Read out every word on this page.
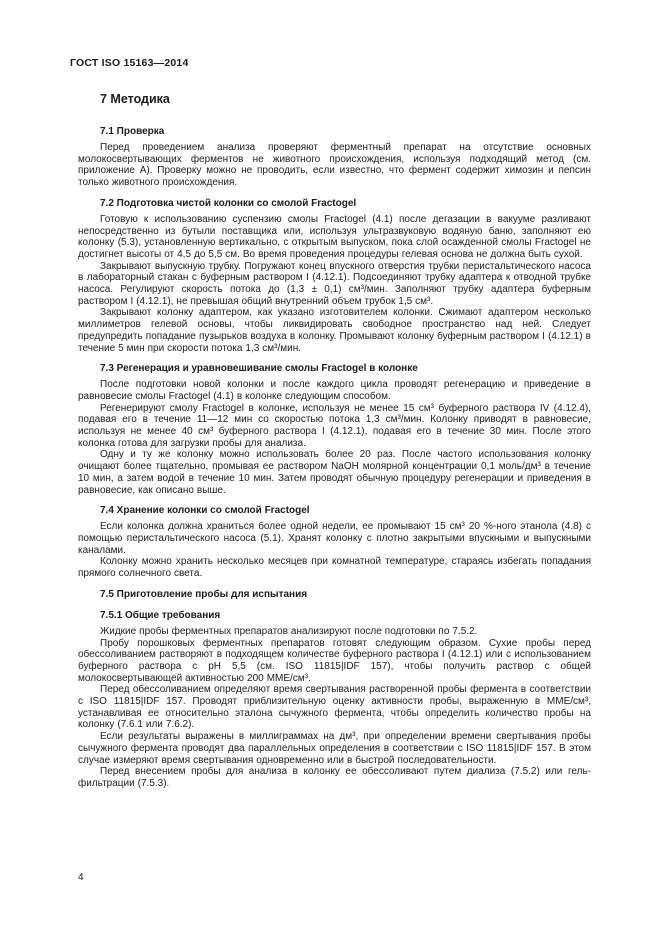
ГОСТ ISO 15163—2014
7 Методика
7.1 Проверка

Перед проведением анализа проверяют ферментный препарат на отсутствие основных молокосвертывающих ферментов не животного происхождения, используя подходящий метод (см. приложение А). Проверку можно не проводить, если известно, что фермент содержит химозин и пепсин только животного происхождения.

7.2 Подготовка чистой колонки со смолой Fractogel

Готовую к использованию суспензию смолы Fractogel (4.1) после дегазации в вакууме разливают непосредственно из бутыли поставщика или, используя ультразвуковую водяную баню, заполняют ею колонку (5.3), установленную вертикально, с открытым выпуском, пока слой осажденной смолы Fractogel не достигнет высоты от 4,5 до 5,5 см. Во время проведения процедуры гелевая основа не должна быть сухой.

Закрывают выпускную трубку. Погружают конец впускного отверстия трубки перистальтического насоса в лабораторный стакан с буферным раствором I (4.12.1). Подсоединяют трубку адаптера к отводной трубке насоса. Регулируют скорость потока до (1,3 ± 0,1) см³/мин. Заполняют трубку адаптера буферным раствором I (4.12.1), не превышая общий внутренний объем трубок 1,5 см³.

Закрывают колонку адаптером, как указано изготовителем колонки. Сжимают адаптером несколько миллиметров гелевой основы, чтобы ликвидировать свободное пространство над ней. Следует предупредить попадание пузырьков воздуха в колонку. Промывают колонку буферным раствором I (4.12.1) в течение 5 мин при скорости потока 1,3 см³/мин.

7.3 Регенерация и уравновешивание смолы Fractogel в колонке

После подготовки новой колонки и после каждого цикла проводят регенерацию и приведение в равновесие смолы Fractogel (4.1) в колонке следующим способом.

Регенерируют смолу Fractogel в колонке, используя не менее 15 см³ буферного раствора IV (4.12.4), подавая его в течение 11—12 мин со скоростью потока 1,3 см³/мин. Колонку приводят в равновесие, используя не менее 40 см³ буферного раствора I (4.12.1), подавая его в течение 30 мин. После этого колонка готова для загрузки пробы для анализа.

Одну и ту же колонку можно использовать более 20 раз. После частого использования колонку очищают более тщательно, промывая ее раствором NaOH молярной концентрации 0,1 моль/дм³ в течение 10 мин, а затем водой в течение 10 мин. Затем проводят обычную процедуру регенерации и приведения в равновесие, как описано выше.

7.4 Хранение колонки со смолой Fractogel

Если колонка должна храниться более одной недели, ее промывают 15 см³ 20 %-ного этанола (4.8) с помощью перистальтического насоса (5.1). Хранят колонку с плотно закрытыми впускными и выпускными каналами.

Колонку можно хранить несколько месяцев при комнатной температуре, стараясь избегать попадания прямого солнечного света.

7.5 Приготовление пробы для испытания
7.5.1 Общие требования

Жидкие пробы ферментных препаратов анализируют после подготовки по 7.5.2.

Пробу порошковых ферментных препаратов готовят следующим образом. Сухие пробы перед обессоливанием растворяют в подходящем количестве буферного раствора I (4.12.1) или с использованием буферного раствора с pH 5,5 (см. ISO 11815|IDF 157), чтобы получить раствор с общей молокосвертывающей активностью 200 ММЕ/см³.

Перед обессоливанием определяют время свертывания растворенной пробы фермента в соответствии с ISO 11815|IDF 157. Проводят приблизительную оценку активности пробы, выраженную в ММЕ/см³, устанавливая ее относительно эталона сычужного фермента, чтобы определить количество пробы на колонку (7.6.1 или 7.6.2).

Если результаты выражены в миллиграммах на дм³, при определении времени свертывания пробы сычужного фермента проводят два параллельных определения в соответствии с ISO 11815|IDF 157. В этом случае измеряют время свертывания одновременно или в быстрой последовательности.

Перед внесением пробы для анализа в колонку ее обессоливают путем диализа (7.5.2) или гель-фильтрации (7.5.3).

4
